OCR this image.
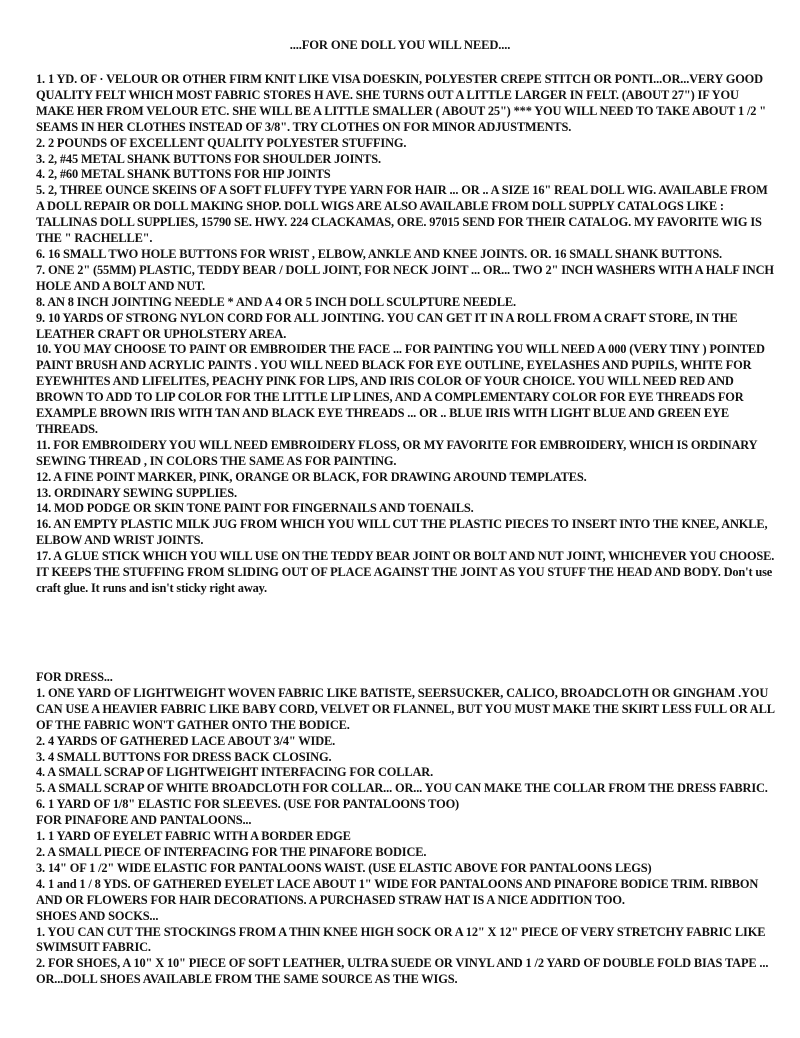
....FOR ONE DOLL YOU WILL NEED....

1. 1 YD. OF · VELOUR OR OTHER FIRM KNIT LIKE VISA DOESKIN, POLYESTER CREPE STITCH OR PONTI...OR...VERY GOOD QUALITY FELT WHICH MOST FABRIC STORES H AVE. SHE TURNS OUT A LITTLE LARGER IN FELT. (ABOUT 27") IF YOU MAKE HER FROM VELOUR ETC. SHE WILL BE A LITTLE SMALLER ( ABOUT 25") *** YOU WILL NEED TO TAKE ABOUT 1 /2 " SEAMS IN HER CLOTHES INSTEAD OF 3/8". TRY CLOTHES ON FOR MINOR ADJUSTMENTS.

2. 2 POUNDS OF EXCELLENT QUALITY POLYESTER STUFFING.

3. 2, #45 METAL SHANK BUTTONS FOR SHOULDER JOINTS.

4. 2, #60 METAL SHANK BUTTONS FOR HIP JOINTS

5. 2, THREE OUNCE SKEINS OF A SOFT FLUFFY TYPE YARN FOR HAIR ... OR .. A SIZE 16" REAL DOLL WIG. AVAILABLE FROM A DOLL REPAIR OR DOLL MAKING SHOP. DOLL WIGS ARE ALSO AVAILABLE FROM DOLL SUPPLY CATALOGS LIKE : TALLINAS DOLL SUPPLIES, 15790 SE. HWY. 224 CLACKAMAS, ORE. 97015 SEND FOR THEIR CATALOG. MY FAVORITE WIG IS THE " RACHELLE".

6. 16 SMALL TWO HOLE BUTTONS FOR WRIST , ELBOW, ANKLE AND KNEE JOINTS. OR. 16 SMALL SHANK BUTTONS.

7. ONE 2" (55MM) PLASTIC, TEDDY BEAR / DOLL JOINT, FOR NECK JOINT ... OR... TWO 2" INCH WASHERS WITH A HALF INCH HOLE AND A BOLT AND NUT.

8. AN 8 INCH JOINTING NEEDLE * AND A 4 OR 5 INCH DOLL SCULPTURE NEEDLE.

9. 10 YARDS OF STRONG NYLON CORD FOR ALL JOINTING. YOU CAN GET IT IN A ROLL FROM A CRAFT STORE, IN THE LEATHER CRAFT OR UPHOLSTERY AREA.

10. YOU MAY CHOOSE TO PAINT OR EMBROIDER THE FACE ... FOR PAINTING YOU WILL NEED A 000 (VERY TINY ) POINTED PAINT BRUSH AND ACRYLIC PAINTS . YOU WILL NEED BLACK FOR EYE OUTLINE, EYELASHES AND PUPILS, WHITE FOR EYEWHITES AND LIFELITES, PEACHY PINK FOR LIPS, AND IRIS COLOR OF YOUR CHOICE. YOU WILL NEED RED AND BROWN TO ADD TO LIP COLOR FOR THE LITTLE LIP LINES, AND A COMPLEMENTARY COLOR FOR EYE THREADS FOR EXAMPLE BROWN IRIS WITH TAN AND BLACK EYE THREADS ... OR .. BLUE IRIS WITH LIGHT BLUE AND GREEN EYE THREADS.

11. FOR EMBROIDERY YOU WILL NEED EMBROIDERY FLOSS, OR MY FAVORITE FOR EMBROIDERY, WHICH IS ORDINARY SEWING THREAD , IN COLORS THE SAME AS FOR PAINTING.

12. A FINE POINT MARKER, PINK, ORANGE OR BLACK, FOR DRAWING AROUND TEMPLATES.

13. ORDINARY SEWING SUPPLIES.

14. MOD PODGE OR SKIN TONE PAINT FOR FINGERNAILS AND TOENAILS.

16. AN EMPTY PLASTIC MILK JUG FROM WHICH YOU WILL CUT THE PLASTIC PIECES TO INSERT INTO THE KNEE, ANKLE, ELBOW AND WRIST JOINTS.

17. A GLUE STICK WHICH YOU WILL USE ON THE TEDDY BEAR JOINT OR BOLT AND NUT JOINT, WHICHEVER YOU CHOOSE. IT KEEPS THE STUFFING FROM SLIDING OUT OF PLACE AGAINST THE JOINT AS YOU STUFF THE HEAD AND BODY. Don't use craft glue. It runs and isn't sticky right away.

FOR DRESS...

1. ONE YARD OF LIGHTWEIGHT WOVEN FABRIC LIKE BATISTE, SEERSUCKER, CALICO, BROADCLOTH OR GINGHAM .YOU CAN USE A HEAVIER FABRIC LIKE BABY CORD, VELVET OR FLANNEL, BUT YOU MUST MAKE THE SKIRT LESS FULL OR ALL OF THE FABRIC WON'T GATHER ONTO THE BODICE.

2. 4 YARDS OF GATHERED LACE ABOUT 3/4" WIDE.

3. 4 SMALL BUTTONS FOR DRESS BACK CLOSING.

4. A SMALL SCRAP OF LIGHTWEIGHT INTERFACING FOR COLLAR.

5. A SMALL SCRAP OF WHITE BROADCLOTH FOR COLLAR... OR... YOU CAN MAKE THE COLLAR FROM THE DRESS FABRIC.

6. 1 YARD OF 1/8" ELASTIC FOR SLEEVES. (USE FOR PANTALOONS TOO)

FOR PINAFORE AND PANTALOONS...

1. 1 YARD OF EYELET FABRIC WITH A BORDER EDGE

2. A SMALL PIECE OF INTERFACING FOR THE PINAFORE BODICE.

3. 14" OF 1 /2" WIDE ELASTIC FOR PANTALOONS WAIST. (USE ELASTIC ABOVE FOR PANTALOONS LEGS)

4. 1 and 1 / 8 YDS. OF GATHERED EYELET LACE ABOUT 1" WIDE FOR PANTALOONS AND PINAFORE BODICE TRIM. RIBBON AND OR FLOWERS FOR HAIR DECORATIONS. A PURCHASED STRAW HAT IS A NICE ADDITION TOO.

SHOES AND SOCKS...

1. YOU CAN CUT THE STOCKINGS FROM A THIN KNEE HIGH SOCK OR A 12" X 12" PIECE OF VERY STRETCHY FABRIC LIKE SWIMSUIT FABRIC.

2. FOR SHOES, A 10" X 10" PIECE OF SOFT LEATHER, ULTRA SUEDE OR VINYL AND 1 /2 YARD OF DOUBLE FOLD BIAS TAPE ... OR...DOLL SHOES AVAILABLE FROM THE SAME SOURCE AS THE WIGS.
